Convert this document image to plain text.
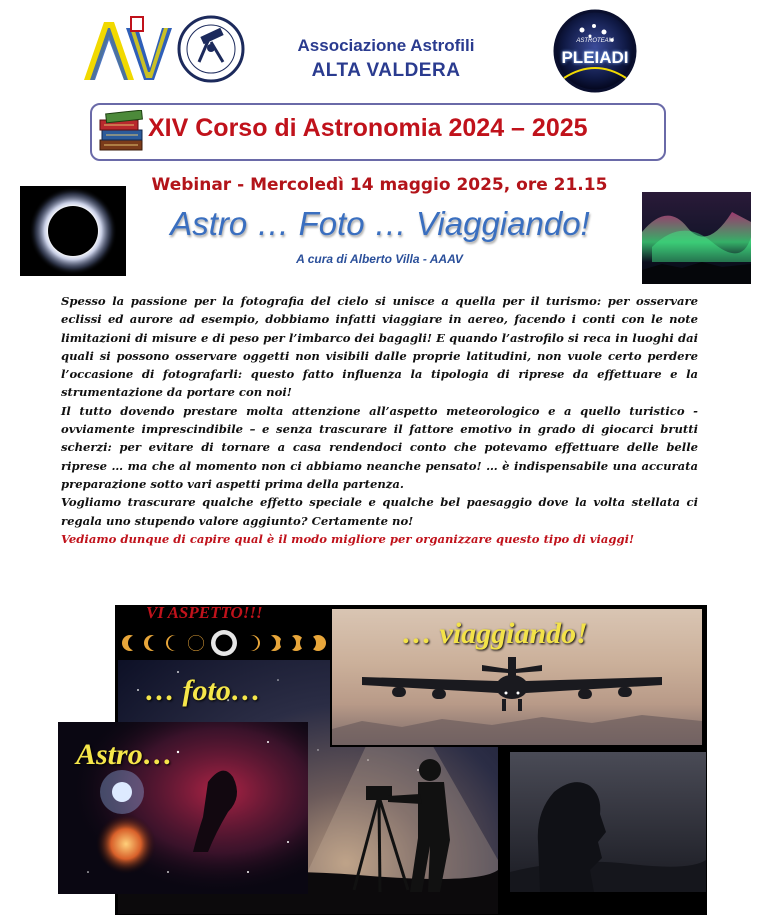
AV
Associazione Astrofili
ALTA VALDERA
ASTROTEAM
PLEIADI
XIV Corso di Astronomia 2024 – 2025
Webinar - Mercoledì 14 maggio 2025, ore 21.15
Astro … Foto … Viaggiando!
A cura di Alberto Villa - AAAV

Spesso la passione per la fotografia del cielo si unisce a quella per il turismo: per osservare eclissi ed aurore ad esempio, dobbiamo infatti viaggiare in aereo, facendo i conti con le note limitazioni di misure e di peso per l’imbarco dei bagagli! E quando l’astrofilo si reca in luoghi dai quali si possono osservare oggetti non visibili dalle proprie latitudini, non vuole certo perdere l’occasione di fotografarli: questo fatto influenza la tipologia di riprese da effettuare e la strumentazione da portare con noi!

Il tutto dovendo prestare molta attenzione all’aspetto meteorologico e a quello turistico - ovviamente imprescindibile – e senza trascurare il fattore emotivo in grado di giocarci brutti scherzi: per evitare di tornare a casa rendendoci conto che potevamo effettuare delle belle riprese … ma che al momento non ci abbiamo neanche pensato! … è indispensabile una accurata preparazione sotto vari aspetti prima della partenza.

Vogliamo trascurare qualche effetto speciale e qualche bel paesaggio dove la volta stellata ci regala uno stupendo valore aggiunto? Certamente no!

Vediamo dunque di capire qual è il modo migliore per organizzare questo tipo di viaggi!

VI ASPETTO!!!
… foto…
Astro…
… viaggiando!
